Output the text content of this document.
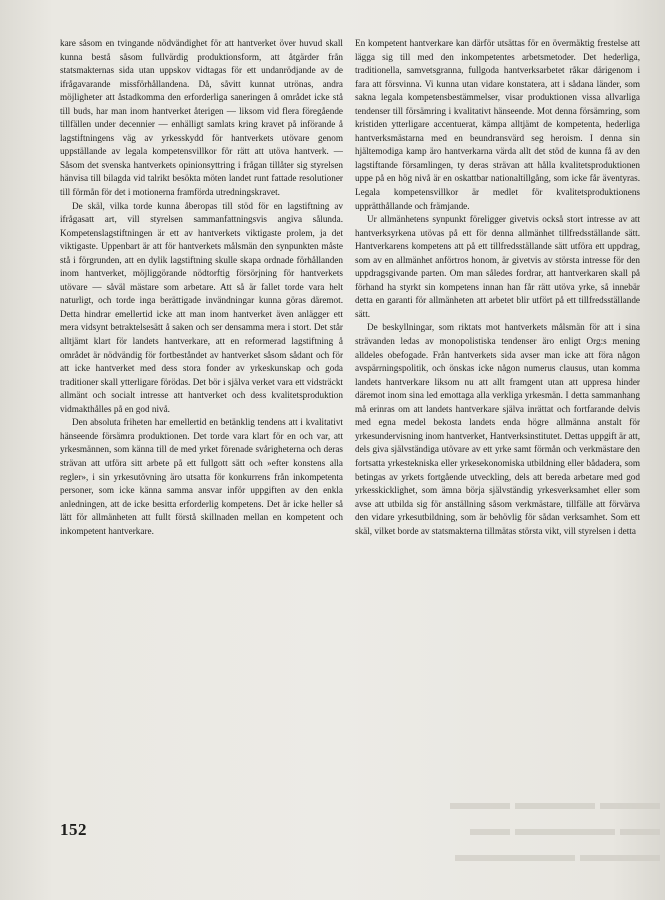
▬▬▬ ▬▬▬▬ ▬▬▬
▬▬ ▬▬▬▬▬ ▬▬
▬▬▬▬ ▬▬▬▬▬▬

kare såsom en tvingande nödvändighet för att hantverket över huvud skall kunna bestå såsom fullvärdig produktionsform, att åtgärder från statsmakternas sida utan uppskov vidtagas för ett undanrödjande av de ifrågavarande missförhållandena. Då, såvitt kunnat utrönas, andra möjligheter att åstadkomma den erforderliga saneringen å området icke stå till buds, har man inom hantverket återigen — liksom vid flera föregående tillfällen under decennier — enhälligt samlats kring kravet på införande å lagstiftningens väg av yrkesskydd för hantverkets utövare genom uppställande av legala kompetensvillkor för rätt att utöva hantverk. — Såsom det svenska hantverkets opinionsyttring i frågan tillåter sig styrelsen hänvisa till bilagda vid talrikt besökta möten landet runt fattade resolutioner till förmån för det i motionerna framförda utredningskravet.

De skäl, vilka torde kunna åberopas till stöd för en lagstiftning av ifrågasatt art, vill styrelsen sammanfattningsvis angiva sålunda. Kompetenslagstiftningen är ett av hantverkets viktigaste prolem, ja det viktigaste. Uppenbart är att för hantverkets målsmän den synpunkten måste stå i förgrunden, att en dylik lagstiftning skulle skapa ordnade förhållanden inom hantverket, möjliggörande nödtorftig försörjning för hantverkets utövare — såväl mästare som arbetare. Att så är fallet torde vara helt naturligt, och torde inga berättigade invändningar kunna göras däremot. Detta hindrar emellertid icke att man inom hantverket även anlägger ett mera vidsynt betraktelsesätt å saken och ser densamma mera i stort. Det står alltjämt klart för landets hantverkare, att en reformerad lagstiftning å området är nödvändig för fortbeståndet av hantverket såsom sådant och för att icke hantverket med dess stora fonder av yrkeskunskap och goda traditioner skall ytterligare förödas. Det bör i själva verket vara ett vidsträckt allmänt och socialt intresse att hantverket och dess kvalitetsproduktion vidmakthålles på en god nivå.

Den absoluta friheten har emellertid en betänklig tendens att i kvalitativt hänseende försämra produktionen. Det torde vara klart för en och var, att yrkesmännen, som känna till de med yrket förenade svårigheterna och deras strävan att utföra sitt arbete på ett fullgott sätt och »efter konstens alla regler», i sin yrkesutövning äro utsatta för konkurrens från inkompetenta personer, som icke känna samma ansvar inför uppgiften av den enkla anledningen, att de icke besitta erforderlig kompetens. Det är icke heller så lätt för allmänheten att fullt förstå skillnaden mellan en kompetent och inkompetent hantverkare.

En kompetent hantverkare kan därför utsättas för en övermäktig frestelse att lägga sig till med den inkompetentes arbetsmetoder. Det hederliga, traditionella, samvetsgranna, fullgoda hantverksarbetet råkar därigenom i fara att försvinna. Vi kunna utan vidare konstatera, att i sådana länder, som sakna legala kompetensbestämmelser, visar produktionen vissa allvarliga tendenser till försämring i kvalitativt hänseende. Mot denna försämring, som kristiden ytterligare accentuerat, kämpa alltjämt de kompetenta, hederliga hantverksmästarna med en beundransvärd seg heroism. I denna sin hjältemodiga kamp äro hantverkarna värda allt det stöd de kunna få av den lagstiftande församlingen, ty deras strävan att hålla kvalitetsproduktionen uppe på en hög nivå är en oskattbar nationaltillgång, som icke får äventyras. Legala kompetensvillkor är medlet för kvalitetsproduktionens upprätthållande och främjande.

Ur allmänhetens synpunkt föreligger givetvis också stort intresse av att hantverksyrkena utövas på ett för denna allmänhet tillfredsställande sätt. Hantverkarens kompetens att på ett tillfredsställande sätt utföra ett uppdrag, som av en allmänhet anförtros honom, är givetvis av största intresse för den uppdragsgivande parten. Om man således fordrar, att hantverkaren skall på förhand ha styrkt sin kompetens innan han får rätt utöva yrke, så innebär detta en garanti för allmänheten att arbetet blir utfört på ett tillfredsställande sätt.

De beskyllningar, som riktats mot hantverkets målsmän för att i sina strävanden ledas av monopolistiska tendenser äro enligt Org:s mening alldeles obefogade. Från hantverkets sida avser man icke att föra någon avspärrningspolitik, och önskas icke någon numerus clausus, utan komma landets hantverkare liksom nu att allt framgent utan att uppresa hinder däremot inom sina led emottaga alla verkliga yrkesmän. I detta sammanhang må erinras om att landets hantverkare själva inrättat och fortfarande delvis med egna medel bekosta landets enda högre allmänna anstalt för yrkesundervisning inom hantverket, Hantverksinstitutet. Dettas uppgift är att, dels giva självständiga utövare av ett yrke samt förmån och verkmästare den fortsatta yrkestekniska eller yrkesekonomiska utbildning eller bådadera, som betingas av yrkets fortgående utveckling, dels att bereda arbetare med god yrkesskicklighet, som ämna börja självständig yrkesverksamhet eller som avse att utbilda sig för anställning såsom verkmästare, tillfälle att förvärva den vidare yrkesutbildning, som är behövlig för sådan verksamhet. Som ett skäl, vilket borde av statsmakterna tillmätas största vikt, vill styrelsen i detta

152
